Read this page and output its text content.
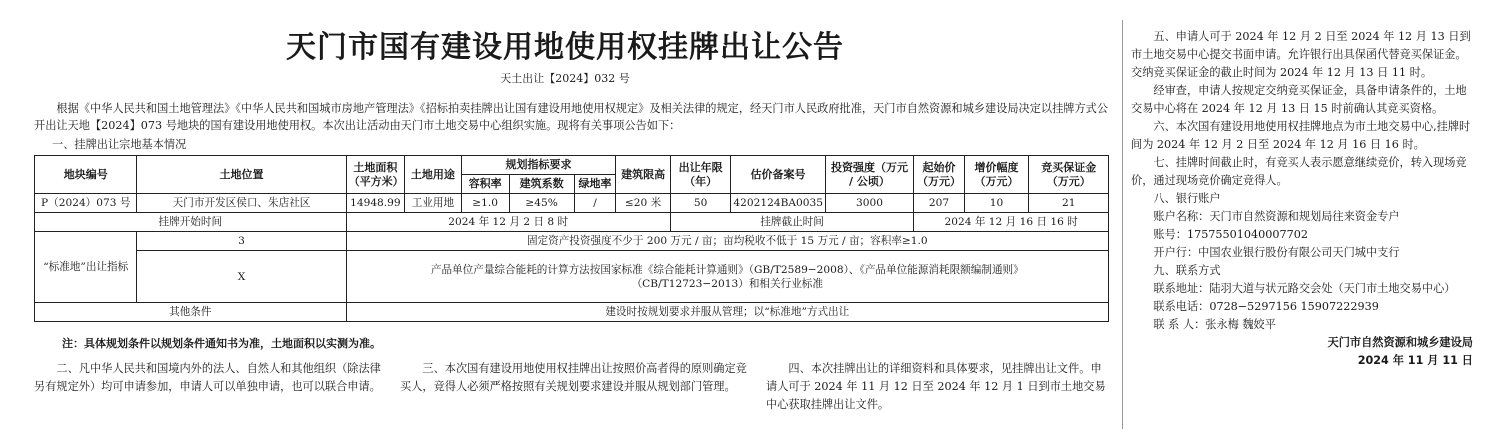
天门市国有建设用地使用权挂牌出让公告
天土出让【2024】032 号
根据《中华人民共和国土地管理法》《中华人民共和国城市房地产管理法》《招标拍卖挂牌出让国有建设用地使用权规定》及相关法律的规定，经天门市人民政府批准，天门市自然资源和城乡建设局决定以挂牌方式公开出让天地【2024】073 号地块的国有建设用地使用权。本次出让活动由天门市土地交易中心组织实施。现将有关事项公告如下：
一、挂牌出让宗地基本情况
地块编号	土地位置	土地面积（平方米）	土地用途	规划指标要求			建筑限高	出让年限（年）	估价备案号	投资强度（万元 / 公顷）	起始价（万元）	增价幅度（万元）	竞买保证金（万元）
				容积率	建筑系数	绿地率							
P（2024）073 号	天门市开发区侯口、朱店社区	14948.99	工业用地	≥1.0	≥45%	/	≤20 米	50	4202124BA0035	3000	207	10	21
挂牌开始时间		2024 年 12 月 2 日 8 时						挂牌截止时间			2024 年 12 月 16 日 16 时		
“标准地”出让指标	3	固定资产投资强度不少于 200 万元 / 亩；亩均税收不低于 15 万元 / 亩；容积率≥1.0											
	X	产品单位产量综合能耗的计算方法按国家标准《综合能耗计算通则》（GB/T2589−2008）、《产品单位能源消耗限额编制通则》（CB/T12723−2013）和相关行业标准											
其他条件		建设时按规划要求并服从管理；以“标准地”方式出让											
注：具体规划条件以规划条件通知书为准，土地面积以实测为准。

二、凡中华人民共和国境内外的法人、自然人和其他组织（除法律另有规定外）均可申请参加，申请人可以单独申请，也可以联合申请。

三、本次国有建设用地使用权挂牌出让按照价高者得的原则确定竞买人，竞得人必须严格按照有关规划要求建设并服从规划部门管理。

四、本次挂牌出让的详细资料和具体要求，见挂牌出让文件。申请人可于 2024 年 11 月 12 日至 2024 年 12 月 1 日到市土地交易中心获取挂牌出让文件。

五、申请人可于 2024 年 12 月 2 日至 2024 年 12 月 13 日到市土地交易中心提交书面申请。允许银行出具保函代替竞买保证金。交纳竞买保证金的截止时间为 2024 年 12 月 13 日 11 时。

经审查，申请人按规定交纳竞买保证金，具备申请条件的，土地交易中心将在 2024 年 12 月 13 日 15 时前确认其竞买资格。

六、本次国有建设用地使用权挂牌地点为市土地交易中心,挂牌时间为 2024 年 12 月 2 日至 2024 年 12 月 16 日 16 时。

七、挂牌时间截止时，有竞买人表示愿意继续竞价，转入现场竞价，通过现场竞价确定竞得人。

八、银行账户

账户名称：天门市自然资源和规划局往来资金专户

账号：17575501040007702

开户行：中国农业银行股份有限公司天门城中支行

九、联系方式

联系地址：陆羽大道与状元路交会处（天门市土地交易中心）

联系电话：0728−5297156 15907222939

联 系 人：张永梅 魏姣平

天门市自然资源和城乡建设局

2024 年 11 月 11 日
